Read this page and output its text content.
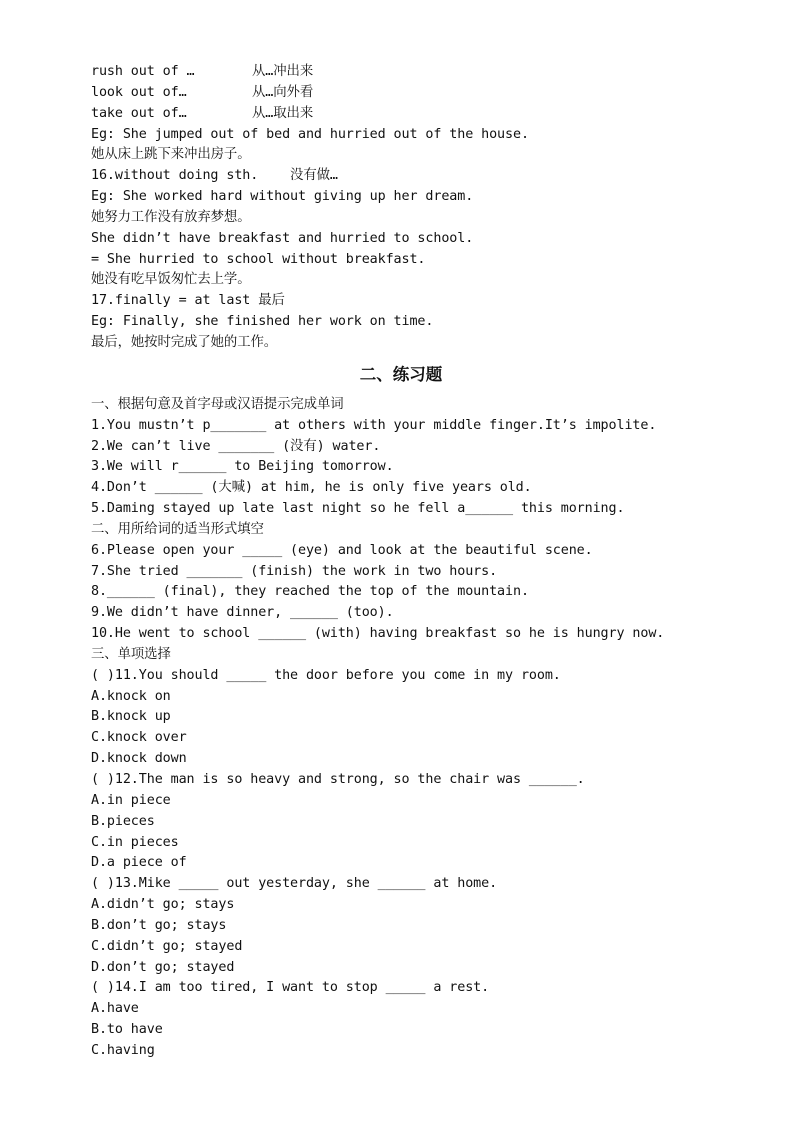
rush out of …	从…冲出来
look out of…	从…向外看
take out of…	从…取出来
Eg: She jumped out of bed and hurried out of the house.
她从床上跳下来冲出房子。
16.without doing sth.    没有做…
Eg: She worked hard without giving up her dream.
她努力工作没有放弃梦想。
She didn’t have breakfast and hurried to school.
= She hurried to school without breakfast.
她没有吃早饭匆忙去上学。
17.finally = at last 最后
Eg: Finally, she finished her work on time.
最后，她按时完成了她的工作。
二、练习题
一、根据句意及首字母或汉语提示完成单词
1.You mustn’t p_______ at others with your middle finger.It’s impolite.
2.We can’t live _______ (没有) water.
3.We will r______ to Beijing tomorrow.
4.Don’t ______ (大喊) at him, he is only five years old.
5.Daming stayed up late last night so he fell a______ this morning.
二、用所给词的适当形式填空
6.Please open your _____ (eye) and look at the beautiful scene.
7.She tried _______ (finish) the work in two hours.
8.______ (final), they reached the top of the mountain.
9.We didn’t have dinner, ______ (too).
10.He went to school ______ (with) having breakfast so he is hungry now.
三、单项选择
( )11.You should _____ the door before you come in my room.
A.knock on
B.knock up
C.knock over
D.knock down
( )12.The man is so heavy and strong, so the chair was ______.
A.in piece
B.pieces
C.in pieces
D.a piece of
( )13.Mike _____ out yesterday, she ______ at home.
A.didn’t go; stays
B.don’t go; stays
C.didn’t go; stayed
D.don’t go; stayed
( )14.I am too tired, I want to stop _____ a rest.
A.have
B.to have
C.having
